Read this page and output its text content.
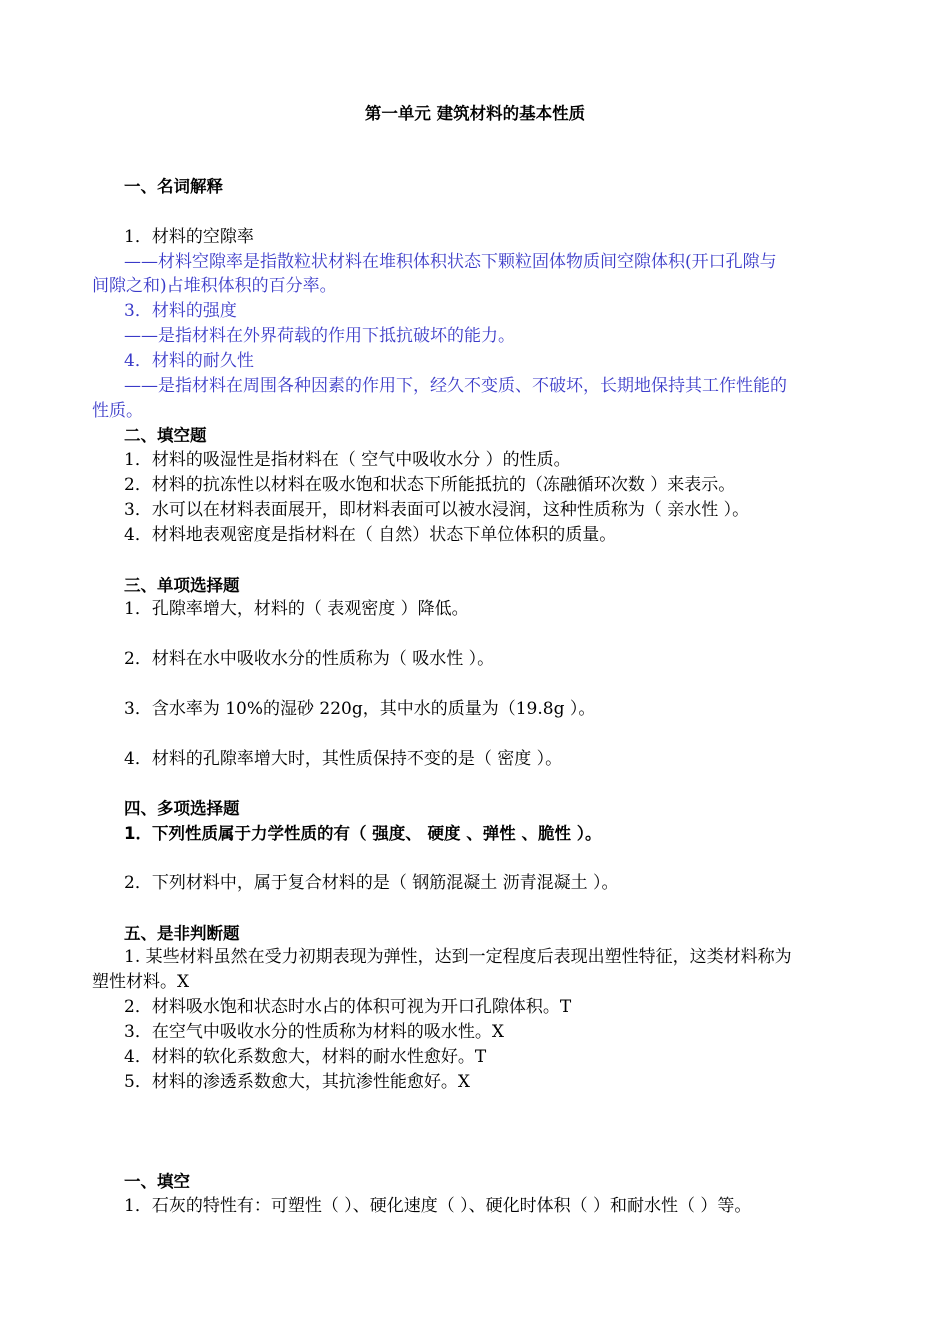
第一单元 建筑材料的基本性质
一、名词解释
1．材料的空隙率
——材料空隙率是指散粒状材料在堆积体积状态下颗粒固体物质间空隙体积(开口孔隙与
间隙之和)占堆积体积的百分率。
3．材料的强度
——是指材料在外界荷载的作用下抵抗破坏的能力。
4．材料的耐久性
——是指材料在周围各种因素的作用下，经久不变质、不破坏，长期地保持其工作性能的
性质。
二、填空题
1．材料的吸湿性是指材料在（ 空气中吸收水分 ）的性质。
2．材料的抗冻性以材料在吸水饱和状态下所能抵抗的（冻融循环次数 ）来表示。
3．水可以在材料表面展开，即材料表面可以被水浸润，这种性质称为（ 亲水性 ）。
4．材料地表观密度是指材料在（ 自然）状态下单位体积的质量。
三、单项选择题
1．孔隙率增大，材料的（ 表观密度 ）降低。
2．材料在水中吸收水分的性质称为（ 吸水性 ）。
3．含水率为 10%的湿砂 220g，其中水的质量为（19.8g ）。
4．材料的孔隙率增大时，其性质保持不变的是（ 密度 ）。
四、多项选择题
1．下列性质属于力学性质的有（ 强度、 硬度 、弹性 、脆性 ）。
2．下列材料中，属于复合材料的是（ 钢筋混凝土 沥青混凝土 ）。
五、是非判断题
1. 某些材料虽然在受力初期表现为弹性，达到一定程度后表现出塑性特征，这类材料称为
塑性材料。X
2．材料吸水饱和状态时水占的体积可视为开口孔隙体积。T
3．在空气中吸收水分的性质称为材料的吸水性。X
4．材料的软化系数愈大，材料的耐水性愈好。T
5．材料的渗透系数愈大，其抗渗性能愈好。X
一、填空
1．石灰的特性有：可塑性（ ）、硬化速度（ ）、硬化时体积（ ）和耐水性（ ）等。
